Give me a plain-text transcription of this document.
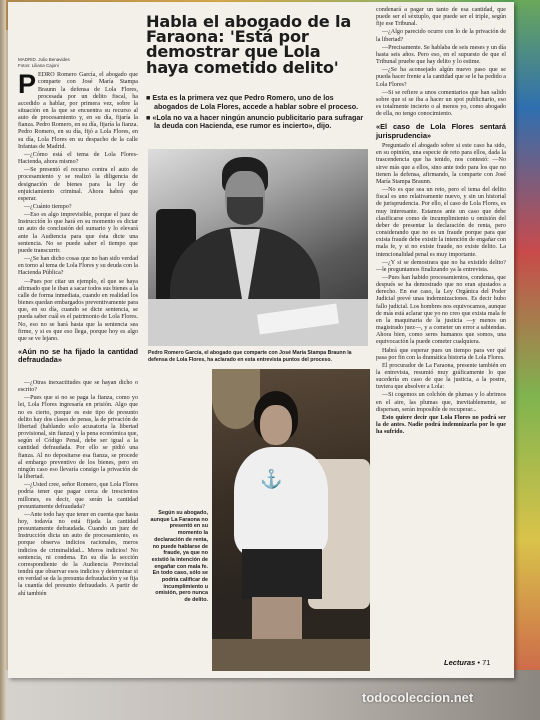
MADRID. Julio Benavides
Fotos: Liliana Cajoni
P EDRO Romero García, el abogado que comparte con José María Stampa Braunn la defensa de Lola Flores, procesada por un delito fiscal, ha accedido a hablar, por primera vez, sobre la situación en la que se encuentra su recurso al auto de procesamiento y, en su día, fijaría la fianza. Pedro Romero, en su día, fijaría la fianza. Pedro Romero, en su día, fijó a Lola Flores, en su día, Lola Flores en su despacho de la calle Infantas de Madrid.

—¿Cómo está el tema de Lola Flores-Hacienda, ahora mismo?

—Se presentó el recurso contra el auto de procesamiento y se realizó la diligencia de designación de bienes para la ley de enjuiciamiento criminal. Ahora habrá que esperar.

—¿Cuánto tiempo?

—Eso es algo imprevisible, porque el juez de Instrucción lo que hará en su momento es dictar un auto de conclusión del sumario y lo elevará ante la Audiencia para que ésta dicte una sentencia. No se puede saber el tiempo que puede transcurrir.

—¿Se han dicho cosas que no han sido verdad en torno al tema de Lola Flores y su deuda con la Hacienda Pública?

—Pues por citar un ejemplo, el que se haya afirmado que le iban a sacar todos sus bienes a la calle de forma inmediata, cuando en realidad los bienes quedan embargados preventivamente para que, en su día, cuando se dicte sentencia, se pueda saber cuál es el patrimonio de Lola Flores. No, eso no se hará hasta que la sentencia sea firme, y si es que eso llega, porque hoy es algo que se ve lejano.

«Aún no se ha fijado la cantidad defraudada»

—¿Otras inexactitudes que se hayan dicho o escrito?

—Pues que si no se paga la fianza, como yo lei, Lola Flores ingresaría en prisión. Algo que no es cierto, porque es este tipo de presunto delito hay dos clases de penas, la de privación de libertad (hablando solo acusatoria la libertad provisional, sin fianza) y la pena económica que, según el Código Penal, debe ser igual a la cantidad defraudada. Por ello se pidió una fianza. Al no depositarse esa fianza, se procede al embargo preventivo de los bienes, pero en ningún caso eso llevaría consigo la privación de la libertad.

—¿Usted cree, señor Romero, que Lola Flores podría tener que pagar cerca de trescientos millones, es decir, que serán la cantidad presuntamente defraudada?

—Ante todo hay que tener en cuenta que hasta hoy, todavía no está fijada la cantidad presuntamente defraudada. Cuando un juez de Instrucción dicta un auto de procesamiento, es porque observa indicios racionales, meros indicios de criminalidad... Meros indicios! No sentencia, ni condena. En su día la sección correspondiente de la Audiencia Provincial tendrá que observar esos indicios y determinar si en verdad se da la presunta defraudación y se fija la cuantía del presunto defraudado. A partir de ahí también

Habla el abogado de la Faraona: 'Está por demostrar que Lola haya cometido delito'
■ Esta es la primera vez que Pedro Romero, uno de los abogados de Lola Flores, accede a hablar sobre el proceso.
■ «Lola no va a hacer ningún anuncio publicitario para sufragar la deuda con Hacienda, ese rumor es incierto», dijo.
Pedro Romero García, el abogado que comparte con José María Stampa Braunn la defensa de Lola Flores, ha aclarado en esta entrevista puntos del proceso.
⚓
Según su abogado, aunque La Faraona no presentó en su momento la declaración de renta, no puede hablarse de fraude, ya que no existió la intención de engañar con mala fe. En todo caso, sólo se podría calificar de incumplimiento u omisión, pero nunca de delito.

condenará a pagar un tanto de esa cantidad, que puede ser el séxtuplo, que puede ser el triple, según fije ese Tribunal.

—¿Algo parecido ocurre con lo de la privación de la libertad?

—Precisamente. Se hablaba de seis meses y un día hasta seis años. Pero eso, en el supuesto de que el Tribunal pruebe que hay delito y lo estime.

—¿Se ha aconsejado algún nuevo paso que se pueda hacer frente a la cantidad que se le ha pedido a Lola Flores?

—Si se refiere a unos comentarios que han salido sobre que si se iba a hacer un spot publicitario, eso es totalmente incierto o al menos yo, como abogado de ella, no tengo conocimiento.

«El caso de Lola Flores sentará jurisprudencia»

Preguntado el abogado sobre si este caso ha sido, en su opinión, una especie de reto para ellos, dada la trascendencia que ha tenido, nos contestó: —No sirve más que a ellos, sino ante todo para los que no tienen la defensa, afirmando, la comparte con José María Stampa Braunn.

—No es que sea un reto, pero el tema del delito fiscal es uno relativamente nuevo, y sin un historial de jurisprudencia. Por ello, el caso de Lola Flores, es muy interesante. Estamos ante un caso que debe clasificarse como de incumplimiento u omisión del deber de presentar la declaración de renta, pero considerando que no es un fraude porque para que exista fraude debe existir la intención de engañar con mala fe, y si no existe fraude, no existe delito. La intencionalidad penal es muy importante.

—¿Y si se demostrara que no ha existido delito? —le preguntamos finalizando ya la entrevista.

—Pues han habido procesamientos, condenas, que después se ha demostrado que no eran ajustados a derecho. En ese caso, la Ley Orgánica del Poder Judicial prevé unas indemnizaciones. Es decir hubo fallo judicial. Los hombres nos equivocamos, aunque de más está aclarar que yo no creo que exista mala fe en la maquinaria de la justicia —y menos un magistrado juez—, y a cometer un error a sabiendas. Ahora bien, como seres humanos que somos, una equivocación la puede cometer cualquiera.

Habrá que esperar pues un tiempo para ver qué pasa por fin con la dramática historia de Lola Flores.

El procurador de La Faraona, presente también en la entrevista, resumió muy gráficamente lo que sucedería en caso de que la justicia, a la postre, tuviera que absolver a Lola:

—Si cogemos un colchón de plumas y lo abrimos en el aire, las plumas que, inevitablemente, se dispersan, serán imposible de recuperar...

Esto quiere decir que Lola Flores no podrá ser la de antes. Nadie podrá indemnizarla por lo que ha sufrido.

Lecturas • 71
todocoleccion.net
